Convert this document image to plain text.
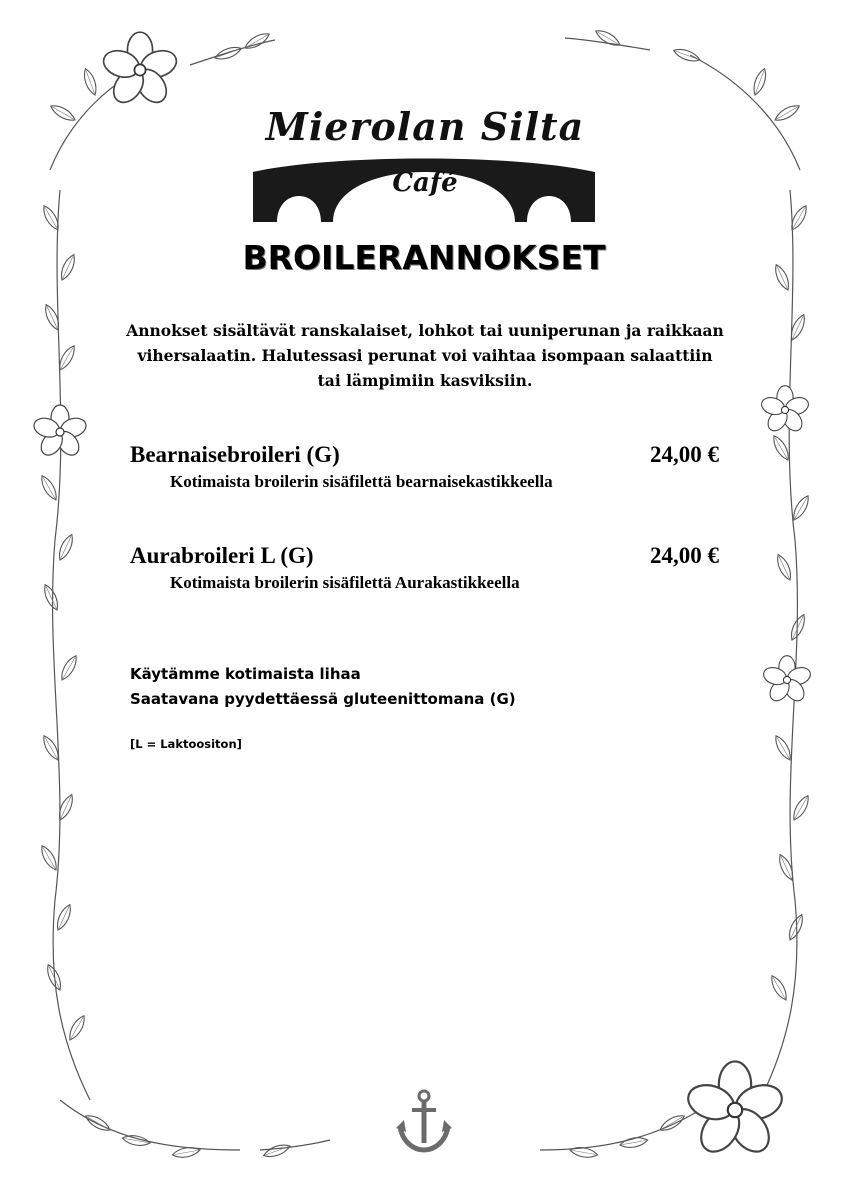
Mierolan Silta
Café
BROILERANNOKSET
Annokset sisältävät ranskalaiset, lohkot tai uuniperunan ja raikkaan
vihersalaatin. Halutessasi perunat voi vaihtaa isompaan salaattiin
tai lämpimiin kasviksiin.
Bearnaisebroileri (G)	24,00 €
Kotimaista broilerin sisäfilettä bearnaisekastikkeella
Aurabroileri L (G)	24,00 €
Kotimaista broilerin sisäfilettä Aurakastikkeella
Käytämme kotimaista lihaa
Saatavana pyydettäessä gluteenittomana (G)
[L = Laktoositon]
